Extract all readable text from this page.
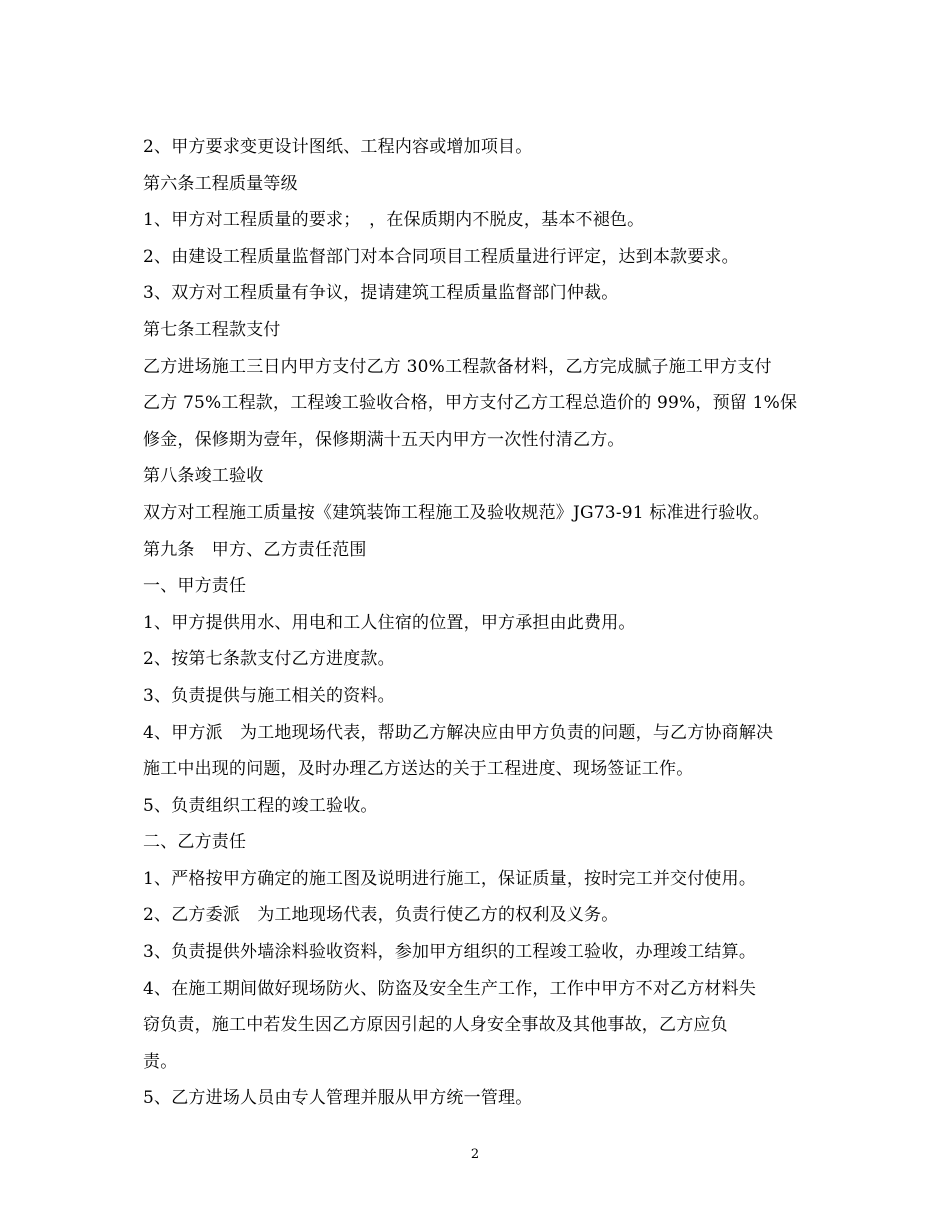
2、甲方要求变更设计图纸、工程内容或增加项目。
第六条工程质量等级
1、甲方对工程质量的要求；　，在保质期内不脱皮，基本不褪色。
2、由建设工程质量监督部门对本合同项目工程质量进行评定，达到本款要求。
3、双方对工程质量有争议，提请建筑工程质量监督部门仲裁。
第七条工程款支付
乙方进场施工三日内甲方支付乙方 30%工程款备材料，乙方完成腻子施工甲方支付
乙方 75%工程款，工程竣工验收合格，甲方支付乙方工程总造价的 99%，预留 1%保
修金，保修期为壹年，保修期满十五天内甲方一次性付清乙方。
第八条竣工验收
双方对工程施工质量按《建筑装饰工程施工及验收规范》JG73-91 标准进行验收。
第九条　甲方、乙方责任范围
一、甲方责任
1、甲方提供用水、用电和工人住宿的位置，甲方承担由此费用。
2、按第七条款支付乙方进度款。
3、负责提供与施工相关的资料。
4、甲方派　为工地现场代表，帮助乙方解决应由甲方负责的问题，与乙方协商解决
施工中出现的问题，及时办理乙方送达的关于工程进度、现场签证工作。
5、负责组织工程的竣工验收。
二、乙方责任
1、严格按甲方确定的施工图及说明进行施工，保证质量，按时完工并交付使用。
2、乙方委派　为工地现场代表，负责行使乙方的权利及义务。
3、负责提供外墙涂料验收资料，参加甲方组织的工程竣工验收，办理竣工结算。
4、在施工期间做好现场防火、防盗及安全生产工作，工作中甲方不对乙方材料失
窃负责，施工中若发生因乙方原因引起的人身安全事故及其他事故，乙方应负
责。
5、乙方进场人员由专人管理并服从甲方统一管理。
2
